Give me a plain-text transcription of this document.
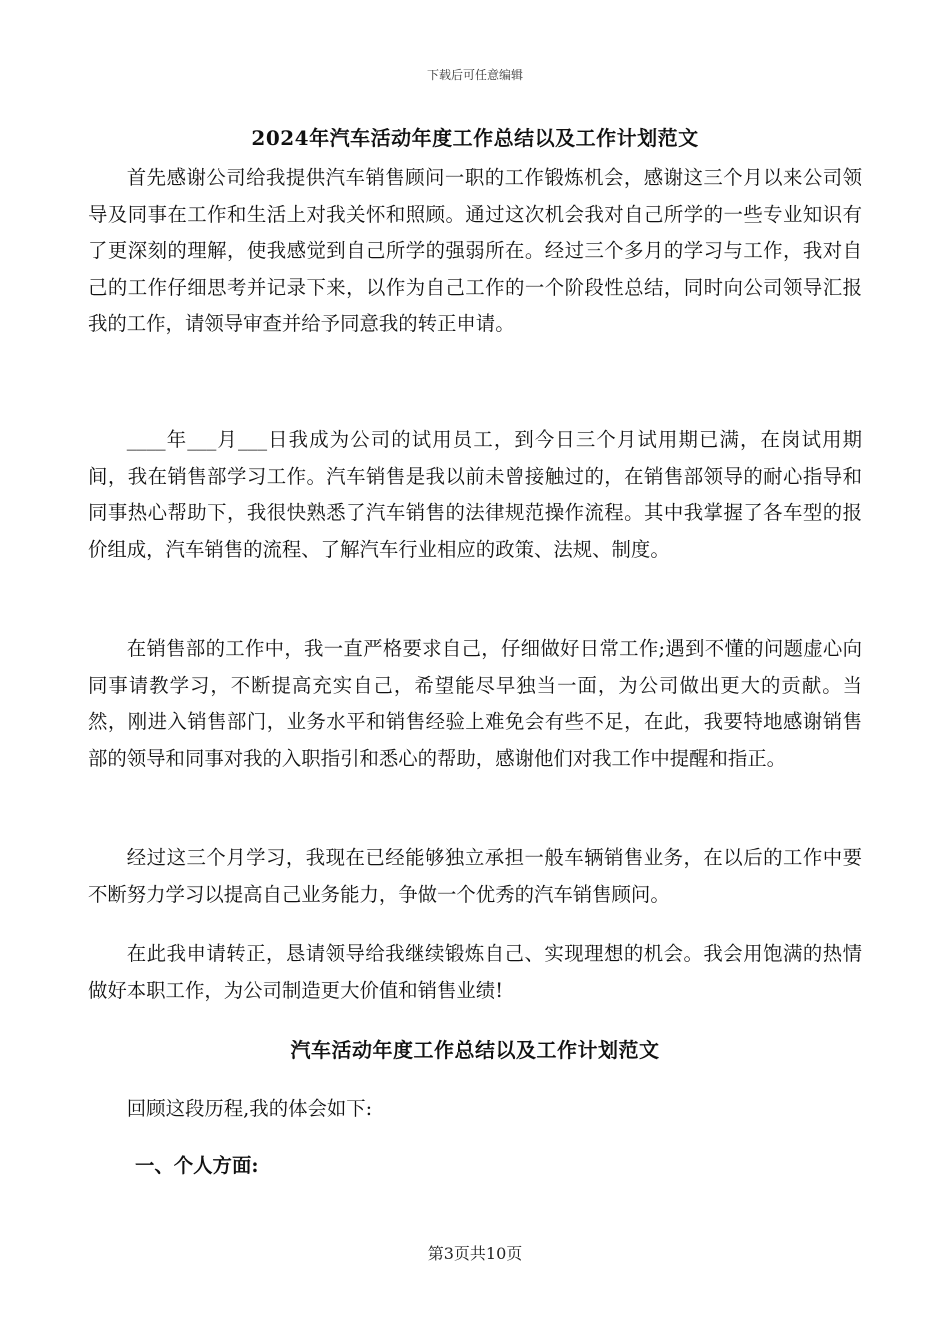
下载后可任意编辑
2024年汽车活动年度工作总结以及工作计划范文

首先感谢公司给我提供汽车销售顾问一职的工作锻炼机会，感谢这三个月以来公司领导及同事在工作和生活上对我关怀和照顾。通过这次机会我对自己所学的一些专业知识有了更深刻的理解，使我感觉到自己所学的强弱所在。经过三个多月的学习与工作，我对自己的工作仔细思考并记录下来，以作为自己工作的一个阶段性总结，同时向公司领导汇报我的工作，请领导审查并给予同意我的转正申请。

____年___月___日我成为公司的试用员工，到今日三个月试用期已满，在岗试用期间，我在销售部学习工作。汽车销售是我以前未曾接触过的，在销售部领导的耐心指导和同事热心帮助下，我很快熟悉了汽车销售的法律规范操作流程。其中我掌握了各车型的报价组成，汽车销售的流程、了解汽车行业相应的政策、法规、制度。

在销售部的工作中，我一直严格要求自己，仔细做好日常工作;遇到不懂的问题虚心向同事请教学习，不断提高充实自己，希望能尽早独当一面，为公司做出更大的贡献。当然，刚进入销售部门，业务水平和销售经验上难免会有些不足，在此，我要特地感谢销售部的领导和同事对我的入职指引和悉心的帮助，感谢他们对我工作中提醒和指正。

经过这三个月学习，我现在已经能够独立承担一般车辆销售业务，在以后的工作中要不断努力学习以提高自己业务能力，争做一个优秀的汽车销售顾问。

在此我申请转正，恳请领导给我继续锻炼自己、实现理想的机会。我会用饱满的热情做好本职工作，为公司制造更大价值和销售业绩!

汽车活动年度工作总结以及工作计划范文

回顾这段历程,我的体会如下:

一、个人方面:
第3页共10页
